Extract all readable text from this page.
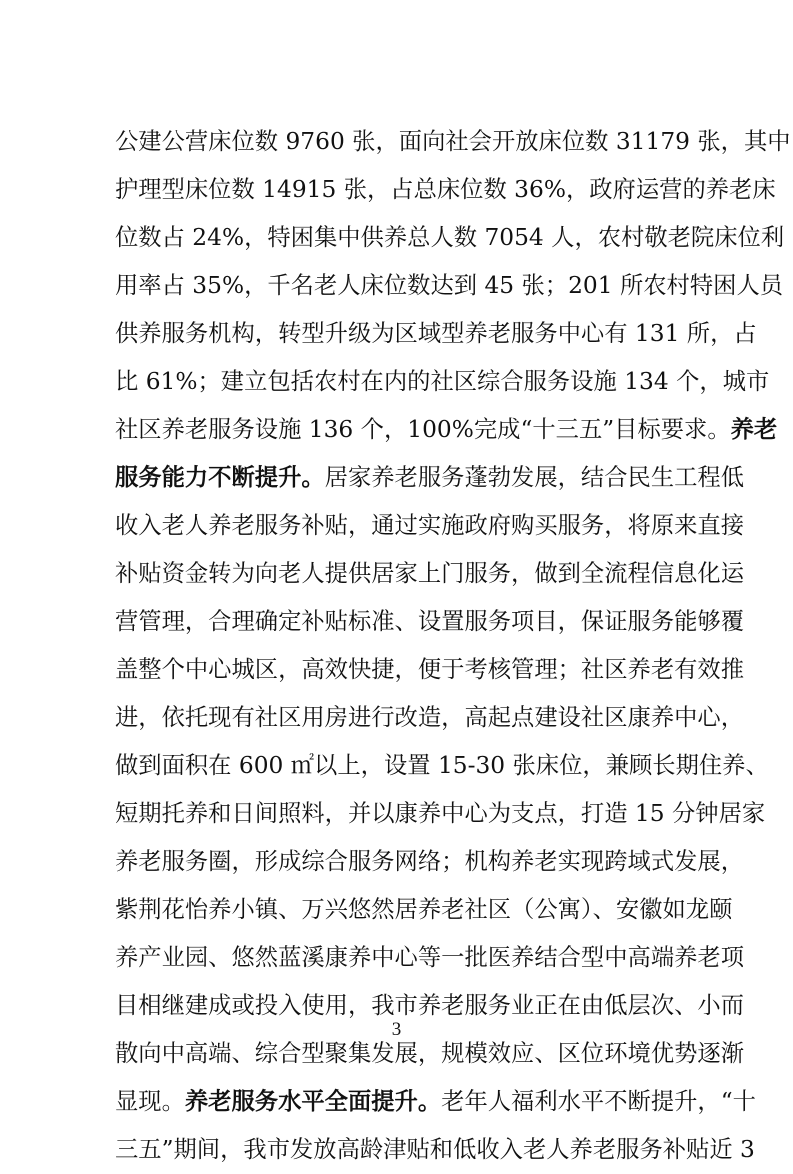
公建公营床位数 9760 张，面向社会开放床位数 31179 张，其中
护理型床位数 14915 张，占总床位数 36%，政府运营的养老床
位数占 24%，特困集中供养总人数 7054 人，农村敬老院床位利
用率占 35%，千名老人床位数达到 45 张；201 所农村特困人员
供养服务机构，转型升级为区域型养老服务中心有 131 所，占
比 61%；建立包括农村在内的社区综合服务设施 134 个，城市
社区养老服务设施 136 个，100%完成“十三五”目标要求。养老
服务能力不断提升。居家养老服务蓬勃发展，结合民生工程低
收入老人养老服务补贴，通过实施政府购买服务，将原来直接
补贴资金转为向老人提供居家上门服务，做到全流程信息化运
营管理，合理确定补贴标准、设置服务项目，保证服务能够覆
盖整个中心城区，高效快捷，便于考核管理；社区养老有效推
进，依托现有社区用房进行改造，高起点建设社区康养中心，
做到面积在 600 ㎡以上，设置 15-30 张床位，兼顾长期住养、
短期托养和日间照料，并以康养中心为支点，打造 15 分钟居家
养老服务圈，形成综合服务网络；机构养老实现跨域式发展，
紫荆花怡养小镇、万兴悠然居养老社区（公寓）、安徽如龙颐
养产业园、悠然蓝溪康养中心等一批医养结合型中高端养老项
目相继建成或投入使用，我市养老服务业正在由低层次、小而
散向中高端、综合型聚集发展，规模效应、区位环境优势逐渐
显现。养老服务水平全面提升。老年人福利水平不断提升，“十
三五”期间，我市发放高龄津贴和低收入老人养老服务补贴近 3
3
